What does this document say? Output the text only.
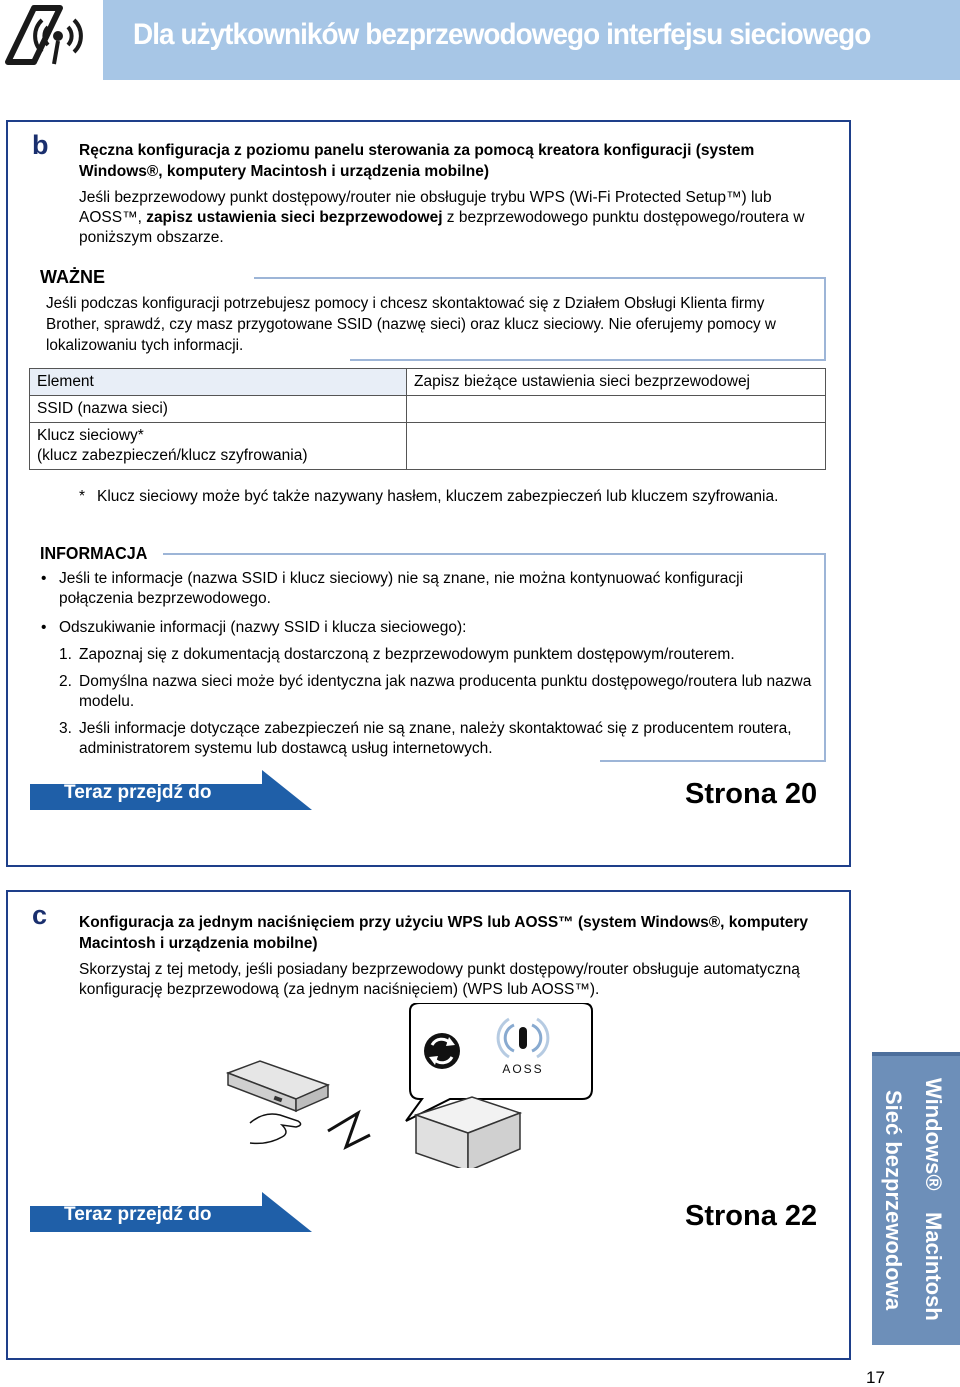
Dla użytkowników bezprzewodowego interfejsu sieciowego
b Ręczna konfiguracja z poziomu panelu sterowania za pomocą kreatora konfiguracji (system Windows®, komputery Macintosh i urządzenia mobilne)
Jeśli bezprzewodowy punkt dostępowy/router nie obsługuje trybu WPS (Wi-Fi Protected Setup™) lub AOSS™, zapisz ustawienia sieci bezprzewodowej z bezprzewodowego punktu dostępowego/routera w poniższym obszarze.
WAŻNE
Jeśli podczas konfiguracji potrzebujesz pomocy i chcesz skontaktować się z Działem Obsługi Klienta firmy Brother, sprawdź, czy masz przygotowane SSID (nazwę sieci) oraz klucz sieciowy. Nie oferujemy pomocy w lokalizowaniu tych informacji.
Element	Zapisz bieżące ustawienia sieci bezprzewodowej
SSID (nazwa sieci)	

Klucz sieciowy*
(klucz zabezpieczeń/klucz szyfrowania)	

* Klucz sieciowy może być także nazywany hasłem, kluczem zabezpieczeń lub kluczem szyfrowania.
INFORMACJA
• Jeśli te informacje (nazwa SSID i klucz sieciowy) nie są znane, nie można kontynuować konfiguracji połączenia bezprzewodowego.
• Odszukiwanie informacji (nazwy SSID i klucza sieciowego):
1. Zapoznaj się z dokumentacją dostarczoną z bezprzewodowym punktem dostępowym/routerem.
2. Domyślna nazwa sieci może być identyczna jak nazwa producenta punktu dostępowego/routera lub nazwa modelu.
3. Jeśli informacje dotyczące zabezpieczeń nie są znane, należy skontaktować się z producentem routera, administratorem systemu lub dostawcą usług internetowych.
Teraz przejdź do	Strona 20
c Konfiguracja za jednym naciśnięciem przy użyciu WPS lub AOSS™ (system Windows®, komputery Macintosh i urządzenia mobilne)
Skorzystaj z tej metody, jeśli posiadany bezprzewodowy punkt dostępowy/router obsługuje automatyczną konfigurację bezprzewodową (za jednym naciśnięciem) (WPS lub AOSS™).
AOSS
Teraz przejdź do	Strona 22
Windows®
Macintosh
Sieć bezprzewodowa
17
